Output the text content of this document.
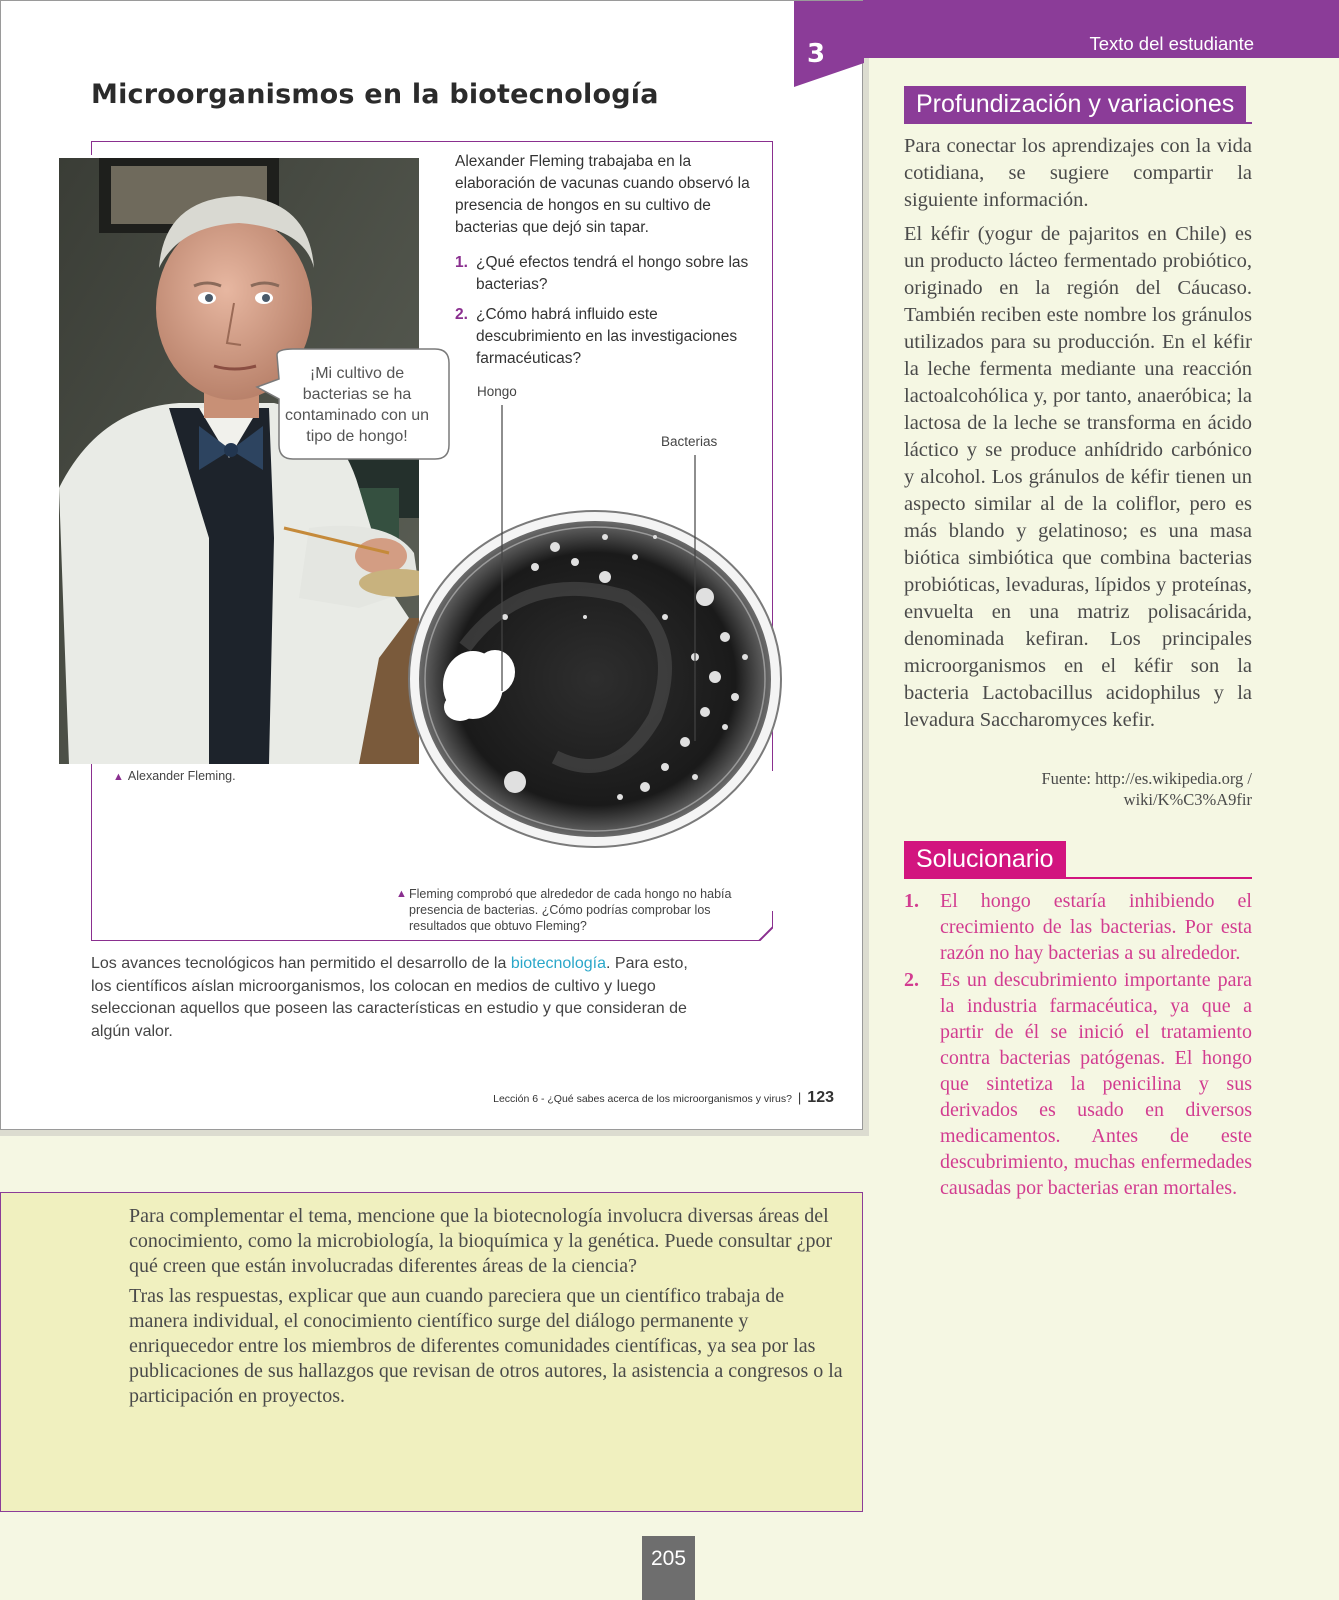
3
Microorganismos en la biotecnología
▲ Alexander Fleming.
¡Mi cultivo de bacterias se ha contaminado con un tipo de hongo!

Alexander Fleming trabajaba en la elaboración de vacunas cuando observó la presencia de hongos en su cultivo de bacterias que dejó sin tapar.

1. ¿Qué efectos tendrá el hongo sobre las bacterias?
2. ¿Cómo habrá influido este descubrimiento en las investigaciones farmacéuticas?
Hongo
Bacterias
▲ Fleming comprobó que alrededor de cada hongo no había presencia de bacterias. ¿Cómo podrías comprobar los resultados que obtuvo Fleming?

Los avances tecnológicos han permitido el desarrollo de la biotecnología. Para esto, los científicos aíslan microorganismos, los colocan en medios de cultivo y luego seleccionan aquellos que poseen las características en estudio y que consideran de algún valor.

Lección 6 - ¿Qué sabes acerca de los microorganismos y virus? | 123
Texto del estudiante
Profundización y variaciones

Para conectar los aprendizajes con la vida cotidiana, se sugiere compartir la siguiente información.

El kéfir (yogur de pajaritos en Chile) es un producto lácteo fermentado probiótico, originado en la región del Cáucaso. También reciben este nombre los gránulos utilizados para su producción. En el kéfir la leche fermenta mediante una reacción lactoalcohólica y, por tanto, anaeróbica; la lactosa de la leche se transforma en ácido láctico y se produce anhídrido carbónico y alcohol. Los gránulos de kéfir tienen un aspecto similar al de la coliflor, pero es más blando y gelatinoso; es una masa biótica simbiótica que combina bacterias probióticas, levaduras, lípidos y proteínas, envuelta en una matriz polisacárida, denominada kefiran. Los principales microorganismos en el kéfir son la bacteria Lactobacillus acidophilus y la levadura Saccharomyces kefir.

Fuente: http://es.wikipedia.org /
wiki/K%C3%A9fir
Solucionario
1. El hongo estaría inhibiendo el crecimiento de las bacterias. Por esta razón no hay bacterias a su alrededor.
2. Es un descubrimiento importante para la industria farmacéutica, ya que a partir de él se inició el tratamiento contra bacterias patógenas. El hongo que sintetiza la penicilina y sus derivados es usado en diversos medicamentos. Antes de este descubrimiento, muchas enfermedades causadas por bacterias eran mortales.

Para complementar el tema, mencione que la biotecnología involucra diversas áreas del conocimiento, como la microbiología, la bioquímica y la genética. Puede consultar ¿por qué creen que están involucradas diferentes áreas de la ciencia?

Tras las respuestas, explicar que aun cuando pareciera que un científico trabaja de manera individual, el conocimiento científico surge del diálogo permanente y enriquecedor entre los miembros de diferentes comunidades científicas, ya sea por las publicaciones de sus hallazgos que revisan de otros autores, la asistencia a congresos o la participación en proyectos.

205
